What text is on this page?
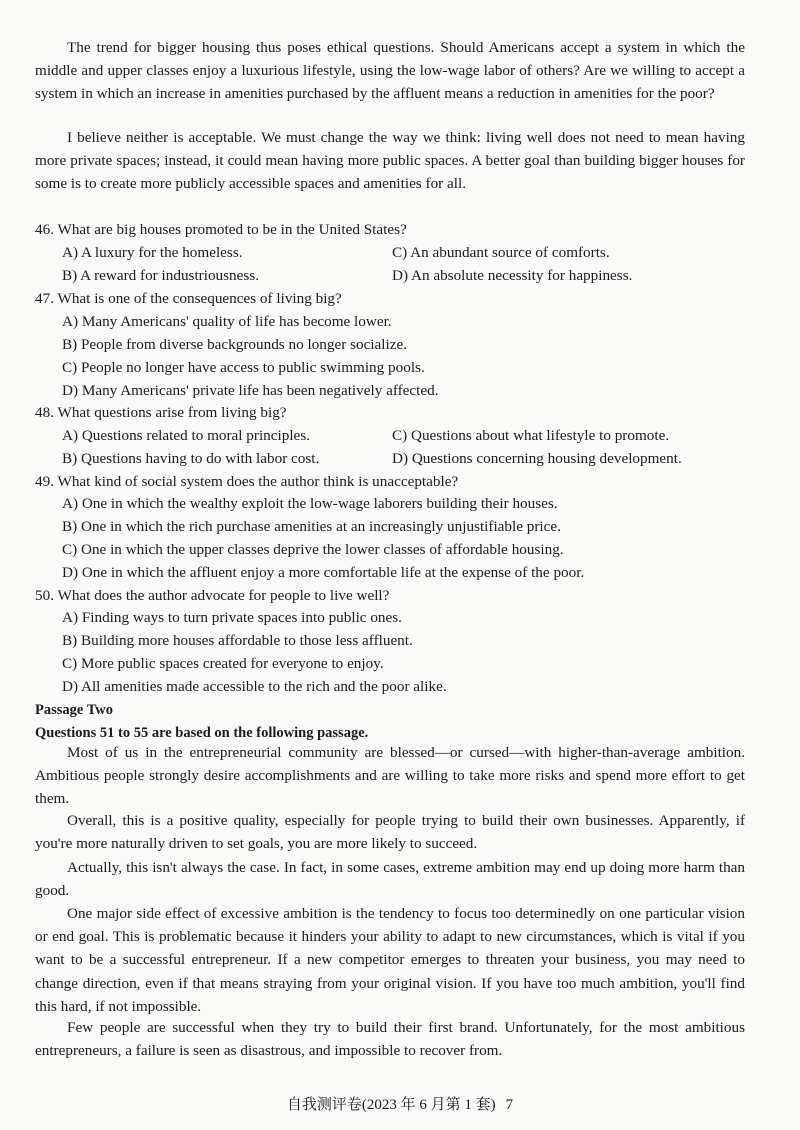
The trend for bigger housing thus poses ethical questions. Should Americans accept a system in which the middle and upper classes enjoy a luxurious lifestyle, using the low-wage labor of others? Are we willing to accept a system in which an increase in amenities purchased by the affluent means a reduction in amenities for the poor?

I believe neither is acceptable. We must change the way we think: living well does not need to mean having more private spaces; instead, it could mean having more public spaces. A better goal than building bigger houses for some is to create more publicly accessible spaces and amenities for all.

46. What are big houses promoted to be in the United States?
A) A luxury for the homeless.
B) A reward for industriousness.
C) An abundant source of comforts.
D) An absolute necessity for happiness.
47. What is one of the consequences of living big?
A) Many Americans' quality of life has become lower.
B) People from diverse backgrounds no longer socialize.
C) People no longer have access to public swimming pools.
D) Many Americans' private life has been negatively affected.
48. What questions arise from living big?
A) Questions related to moral principles.
B) Questions having to do with labor cost.
C) Questions about what lifestyle to promote.
D) Questions concerning housing development.
49. What kind of social system does the author think is unacceptable?
A) One in which the wealthy exploit the low-wage laborers building their houses.
B) One in which the rich purchase amenities at an increasingly unjustifiable price.
C) One in which the upper classes deprive the lower classes of affordable housing.
D) One in which the affluent enjoy a more comfortable life at the expense of the poor.
50. What does the author advocate for people to live well?
A) Finding ways to turn private spaces into public ones.
B) Building more houses affordable to those less affluent.
C) More public spaces created for everyone to enjoy.
D) All amenities made accessible to the rich and the poor alike.
Passage Two
Questions 51 to 55 are based on the following passage.

Most of us in the entrepreneurial community are blessed—or cursed—with higher-than-average ambition. Ambitious people strongly desire accomplishments and are willing to take more risks and spend more effort to get them.

Overall, this is a positive quality, especially for people trying to build their own businesses. Apparently, if you're more naturally driven to set goals, you are more likely to succeed.

Actually, this isn't always the case. In fact, in some cases, extreme ambition may end up doing more harm than good.

One major side effect of excessive ambition is the tendency to focus too determinedly on one particular vision or end goal. This is problematic because it hinders your ability to adapt to new circumstances, which is vital if you want to be a successful entrepreneur. If a new competitor emerges to threaten your business, you may need to change direction, even if that means straying from your original vision. If you have too much ambition, you'll find this hard, if not impossible.

Few people are successful when they try to build their first brand. Unfortunately, for the most ambitious entrepreneurs, a failure is seen as disastrous, and impossible to recover from.

自我测评卷(2023 年 6 月第 1 套) 7
